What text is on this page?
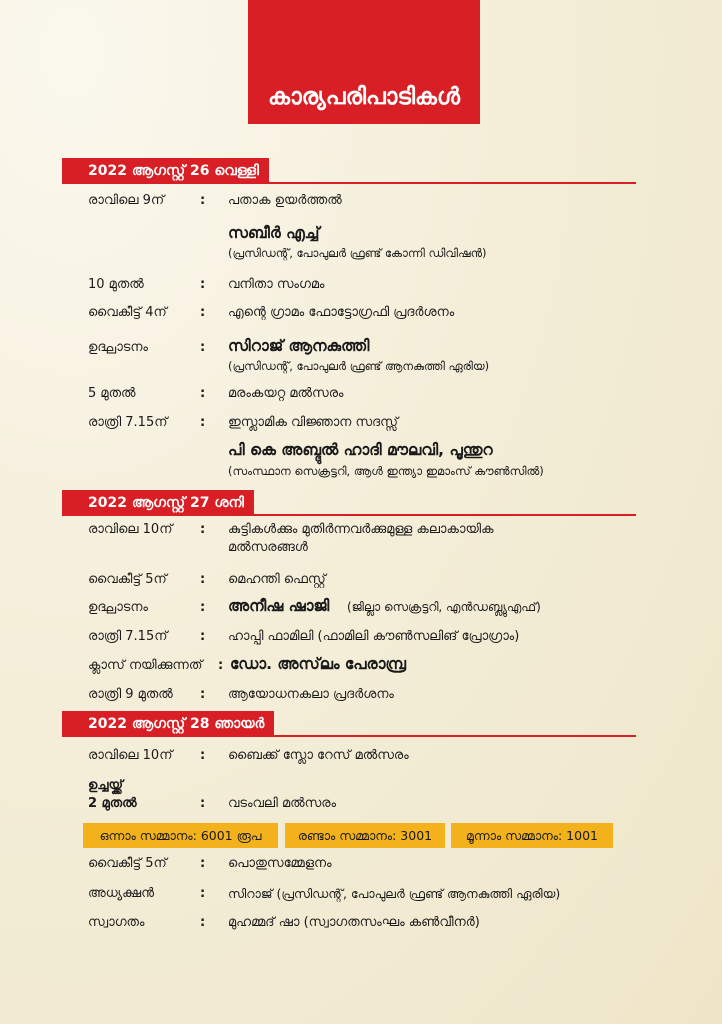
കാര്യപരിപാടികൾ
2022 ആഗസ്റ്റ് 26 വെള്ളി
രാവിലെ 9ന്	: പതാക ഉയർത്തൽ
സബീർ എച്ച്
(പ്രസിഡന്റ്, പോപുലർ ഫ്രണ്ട് കോന്നി ഡിവിഷൻ)
10 മുതൽ	: വനിതാ സംഗമം
വൈകീട്ട് 4ന്	: എന്റെ ഗ്രാമം ഫോട്ടോഗ്രഫി പ്രദർശനം
ഉദ്ഘാടനം	: സിറാജ് ആനകുത്തി
(പ്രസിഡന്റ്, പോപുലർ ഫ്രണ്ട് ആനകുത്തി ഏരിയ)
5 മുതൽ	: മരംകയറ്റ മൽസരം
രാത്രി 7.15ന്	: ഇസ്ലാമിക വിജ്ഞാന സദസ്സ്
പി കെ അബ്ദുൽ ഹാദി മൗലവി, പൂന്തുറ
(സംസ്ഥാന സെക്രട്ടറി, ആൾ ഇന്ത്യാ ഇമാംസ് കൗൺസിൽ)
2022 ആഗസ്റ്റ് 27 ശനി
രാവിലെ 10ന് : കുട്ടികൾക്കും മുതിർന്നവർക്കുമുള്ള കലാകായിക
മൽസരങ്ങൾ
വൈകീട്ട് 5ന്	: മെഹന്തി ഫെസ്റ്റ്
ഉദ്ഘാടനം	: അനീഷ ഷാജി (ജില്ലാ സെക്രട്ടറി, എൻഡബ്ല്യുഎഫ്)
രാത്രി 7.15ന്	: ഹാപ്പി ഫാമിലി (ഫാമിലി കൗൺസലിങ് പ്രോഗ്രാം)
ക്ലാസ് നയിക്കുന്നത് : ഡോ. അസ്‌ലം പേരാമ്പ്ര
രാത്രി 9 മുതൽ : ആയോധനകലാ പ്രദർശനം
2022 ആഗസ്റ്റ് 28 ഞായർ
രാവിലെ 10ന് : ബൈക്ക് സ്ലോ റേസ് മൽസരം
ഉച്ചയ്ക്ക്
2 മുതൽ	: വടംവലി മൽസരം
ഒന്നാം സമ്മാനം: 6001 രൂപ	രണ്ടാം സമ്മാനം: 3001	മൂന്നാം സമ്മാനം: 1001
വൈകീട്ട് 5ന്	: പൊതുസമ്മേളനം
അധ്യക്ഷൻ	: സിറാജ് (പ്രസിഡന്റ്, പോപുലർ ഫ്രണ്ട് ആനകുത്തി ഏരിയ)
സ്വാഗതം	: മുഹമ്മദ് ഷാ (സ്വാഗതസംഘം കൺവീനർ)
